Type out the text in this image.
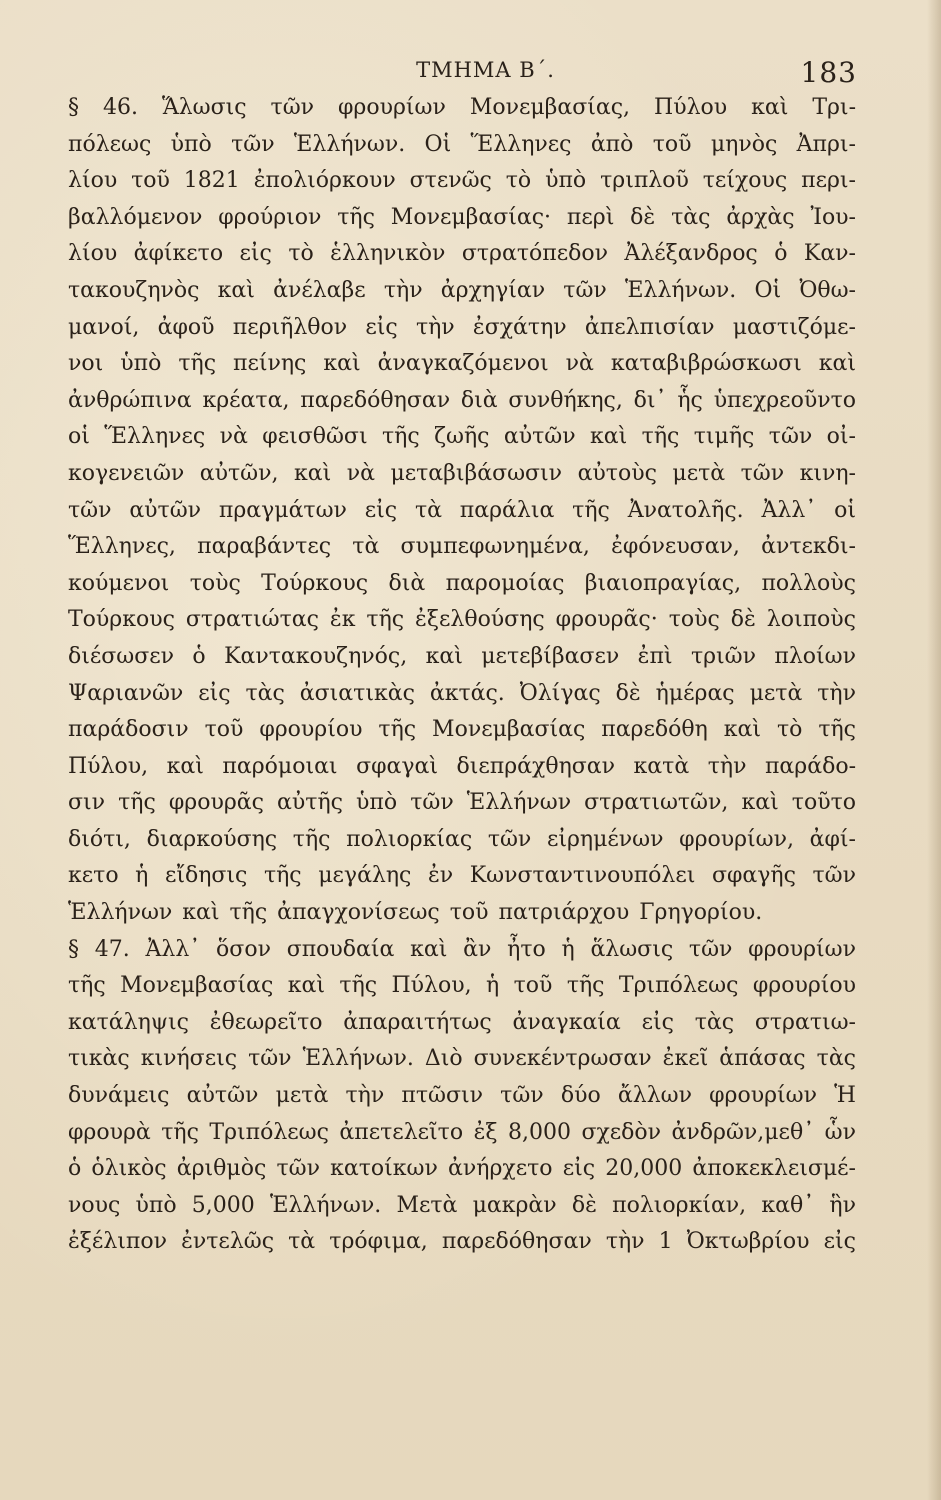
ΤΜΗΜΑ Β΄.	183
§ 46. Ἅλωσις τῶν φρουρίων Μονεμβασίας, Πύλου καὶ Τρι-
πόλεως ὑπὸ τῶν Ἑλλήνων. Οἱ Ἕλληνες ἀπὸ τοῦ μηνὸς Ἀπρι-
λίου τοῦ 1821 ἐπολιόρκουν στενῶς τὸ ὑπὸ τριπλοῦ τείχους περι-
βαλλόμενον φρούριον τῆς Μονεμβασίας· περὶ δὲ τὰς ἀρχὰς Ἰου-
λίου ἀφίκετο εἰς τὸ ἑλληνικὸν στρατόπεδον Ἀλέξανδρος ὁ Καν-
τακουζηνὸς καὶ ἀνέλαβε τὴν ἀρχηγίαν τῶν Ἑλλήνων. Οἱ Ὀθω-
μανοί, ἀφοῦ περιῆλθον εἰς τὴν ἐσχάτην ἀπελπισίαν μαστιζόμε-
νοι ὑπὸ τῆς πείνης καὶ ἀναγκαζόμενοι νὰ καταβιβρώσκωσι καὶ
ἀνθρώπινα κρέατα, παρεδόθησαν διὰ συνθήκης, δι᾿ ἧς ὑπεχρεοῦντο
οἱ Ἕλληνες νὰ φεισθῶσι τῆς ζωῆς αὐτῶν καὶ τῆς τιμῆς τῶν οἰ-
κογενειῶν αὐτῶν, καὶ νὰ μεταβιβάσωσιν αὐτοὺς μετὰ τῶν κινη-
τῶν αὐτῶν πραγμάτων εἰς τὰ παράλια τῆς Ἀνατολῆς. Ἀλλ᾿ οἱ
Ἕλληνες, παραβάντες τὰ συμπεφωνημένα, ἐφόνευσαν, ἀντεκδι-
κούμενοι τοὺς Τούρκους διὰ παρομοίας βιαιοπραγίας, πολλοὺς
Τούρκους στρατιώτας ἐκ τῆς ἐξελθούσης φρουρᾶς· τοὺς δὲ λοιποὺς
διέσωσεν ὁ Καντακουζηνός, καὶ μετεβίβασεν ἐπὶ τριῶν πλοίων
Ψαριανῶν εἰς τὰς ἀσιατικὰς ἀκτάς. Ὀλίγας δὲ ἡμέρας μετὰ τὴν
παράδοσιν τοῦ φρουρίου τῆς Μονεμβασίας παρεδόθη καὶ τὸ τῆς
Πύλου, καὶ παρόμοιαι σφαγαὶ διεπράχθησαν κατὰ τὴν παράδο-
σιν τῆς φρουρᾶς αὐτῆς ὑπὸ τῶν Ἑλλήνων στρατιωτῶν, καὶ τοῦτο
διότι, διαρκούσης τῆς πολιορκίας τῶν εἰρημένων φρουρίων, ἀφί-
κετο ἡ εἴδησις τῆς μεγάλης ἐν Κωνσταντινουπόλει σφαγῆς τῶν
Ἑλλήνων καὶ τῆς ἀπαγχονίσεως τοῦ πατριάρχου Γρηγορίου.
§ 47. Ἀλλ᾿ ὅσον σπουδαία καὶ ἂν ἦτο ἡ ἅλωσις τῶν φρουρίων
τῆς Μονεμβασίας καὶ τῆς Πύλου, ἡ τοῦ τῆς Τριπόλεως φρουρίου
κατάληψις ἐθεωρεῖτο ἀπαραιτήτως ἀναγκαία εἰς τὰς στρατιω-
τικὰς κινήσεις τῶν Ἑλλήνων. Διὸ συνεκέντρωσαν ἐκεῖ ἁπάσας τὰς
δυνάμεις αὐτῶν μετὰ τὴν πτῶσιν τῶν δύο ἄλλων φρουρίων Ἡ
φρουρὰ τῆς Τριπόλεως ἀπετελεῖτο ἐξ 8,000 σχεδὸν ἀνδρῶν,μεθ᾿ ὧν
ὁ ὁλικὸς ἀριθμὸς τῶν κατοίκων ἀνήρχετο εἰς 20,000 ἀποκεκλεισμέ-
νους ὑπὸ 5,000 Ἑλλήνων. Μετὰ μακρὰν δὲ πολιορκίαν, καθ᾿ ἣν
ἐξέλιπον ἐντελῶς τὰ τρόφιμα, παρεδόθησαν τὴν 1 Ὀκτωβρίου εἰς
